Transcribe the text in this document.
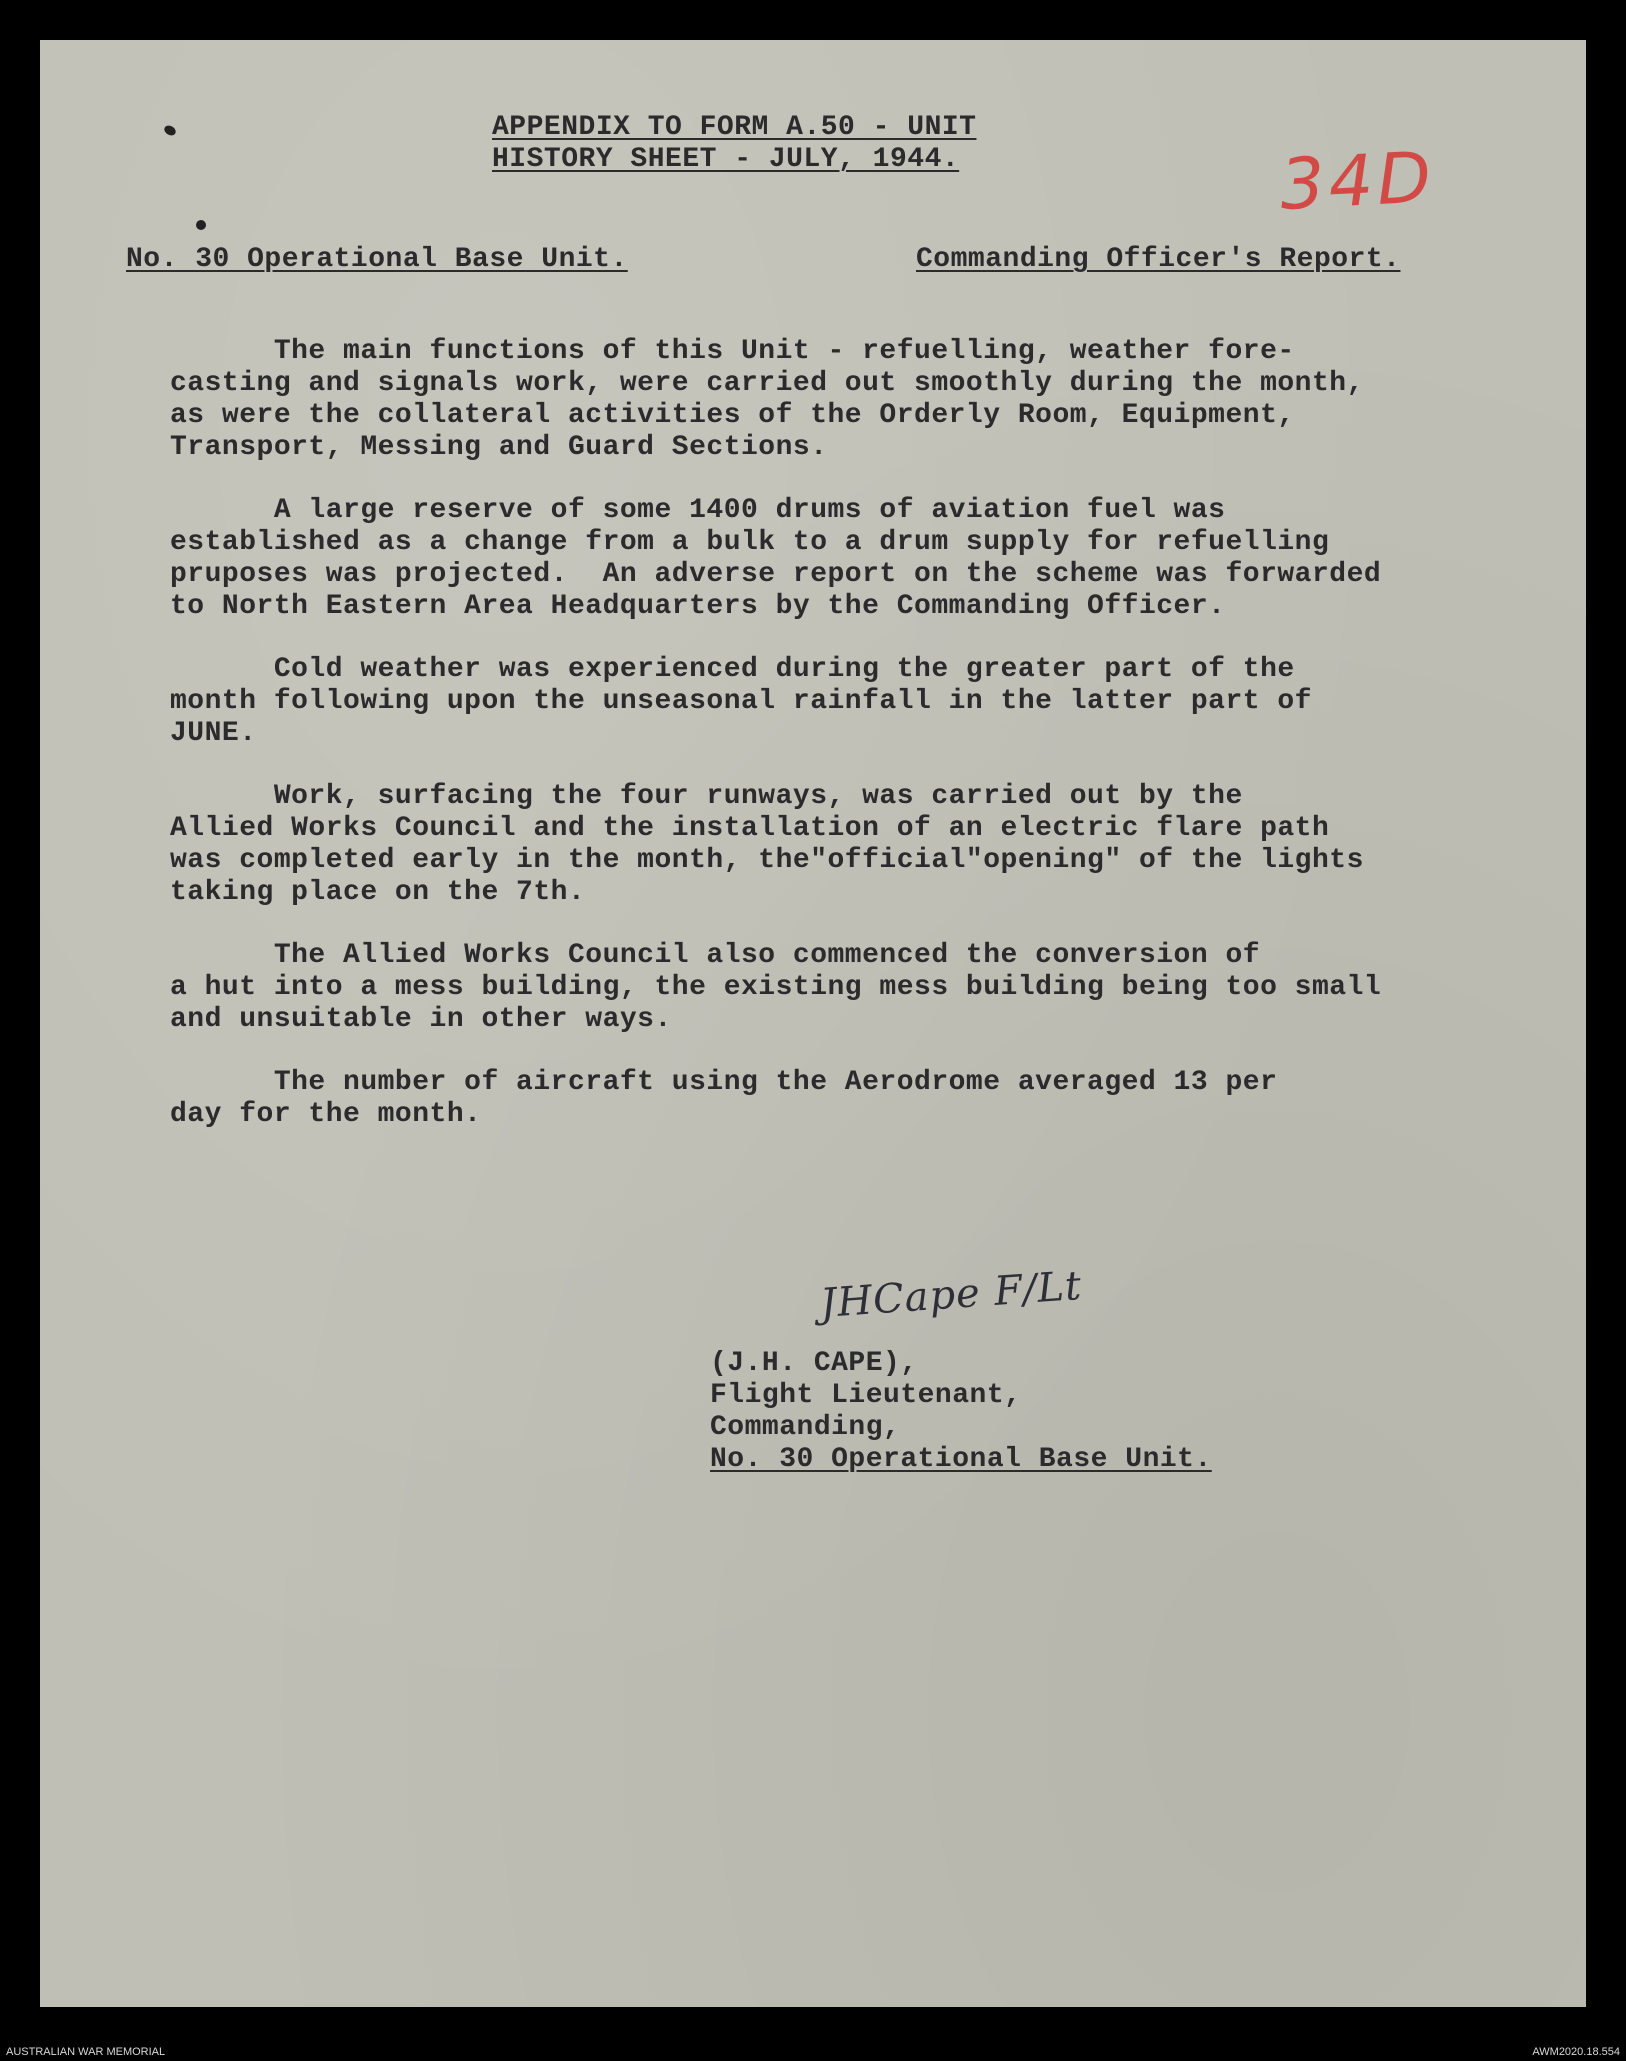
APPENDIX TO FORM A.50 - UNIT
HISTORY SHEET - JULY, 1944.	34D
No. 30 Operational Base Unit.	Commanding Officer's Report.

The main functions of this Unit - refuelling, weather fore-
casting and signals work, were carried out smoothly during the month,
as were the collateral activities of the Orderly Room, Equipment,
Transport, Messing and Guard Sections.

A large reserve of some 1400 drums of aviation fuel was
established as a change from a bulk to a drum supply for refuelling
pruposes was projected.  An adverse report on the scheme was forwarded
to North Eastern Area Headquarters by the Commanding Officer.

Cold weather was experienced during the greater part of the
month following upon the unseasonal rainfall in the latter part of
JUNE.

Work, surfacing the four runways, was carried out by the
Allied Works Council and the installation of an electric flare path
was completed early in the month, the"official"opening" of the lights
taking place on the 7th.

The Allied Works Council also commenced the conversion of
a hut into a mess building, the existing mess building being too small
and unsuitable in other ways.

The number of aircraft using the Aerodrome averaged 13 per
day for the month.

JHCape F/Lt
(J.H. CAPE),
Flight Lieutenant,
Commanding,
No. 30 Operational Base Unit.
AUSTRALIAN WAR MEMORIAL	AWM2020.18.554
